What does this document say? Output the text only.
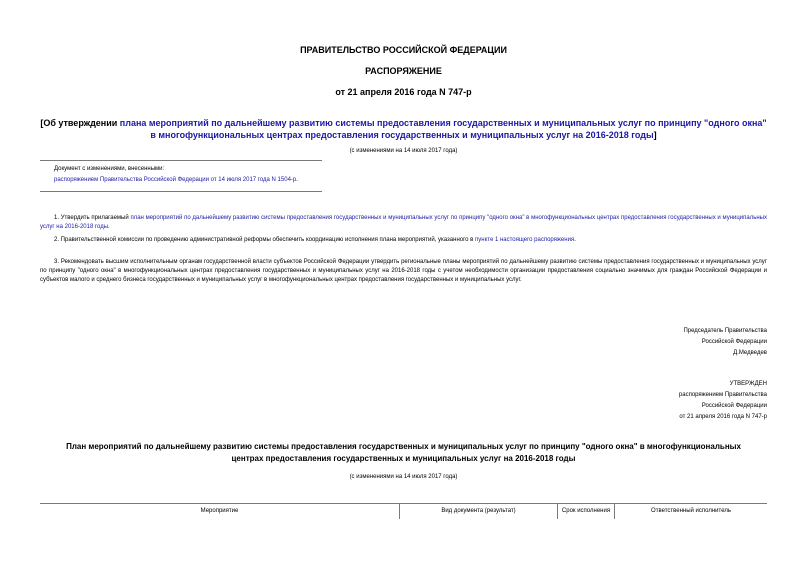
ПРАВИТЕЛЬСТВО РОССИЙСКОЙ ФЕДЕРАЦИИ
РАСПОРЯЖЕНИЕ
от 21 апреля 2016 года N 747-р
[Об утверждении плана мероприятий по дальнейшему развитию системы предоставления государственных и муниципальных услуг по принципу "одного окна" в многофункциональных центрах предоставления государственных и муниципальных услуг на 2016-2018 годы]
(с изменениями на 14 июля 2017 года)
Документ с изменениями, внесенными:
распоряжением Правительства Российской Федерации от 14 июля 2017 года N 1504-р.
1. Утвердить прилагаемый план мероприятий по дальнейшему развитию системы предоставления государственных и муниципальных услуг по принципу "одного окна" в многофункциональных центрах предоставления государственных и муниципальных услуг на 2016-2018 годы.
2. Правительственной комиссии по проведению административной реформы обеспечить координацию исполнения плана мероприятий, указанного в пункте 1 настоящего распоряжения.
3. Рекомендовать высшим исполнительным органам государственной власти субъектов Российской Федерации утвердить региональные планы мероприятий по дальнейшему развитию системы предоставления государственных и муниципальных услуг по принципу "одного окна" в многофункциональных центрах предоставления государственных и муниципальных услуг на 2016-2018 годы с учетом необходимости организации предоставления социально значимых для граждан Российской Федерации и субъектов малого и среднего бизнеса государственных и муниципальных услуг в многофункциональных центрах предоставления государственных и муниципальных услуг.
Председатель Правительства
Российской Федерации
Д.Медведев
УТВЕРЖДЕН
распоряжением Правительства
Российской Федерации
от 21 апреля 2016 года N 747-р
План мероприятий по дальнейшему развитию системы предоставления государственных и муниципальных услуг по принципу "одного окна" в многофункциональных центрах предоставления государственных и муниципальных услуг на 2016-2018 годы
(с изменениями на 14 июля 2017 года)
Мероприятие	Вид документа (результат)	Срок исполнения	Ответственный исполнитель
